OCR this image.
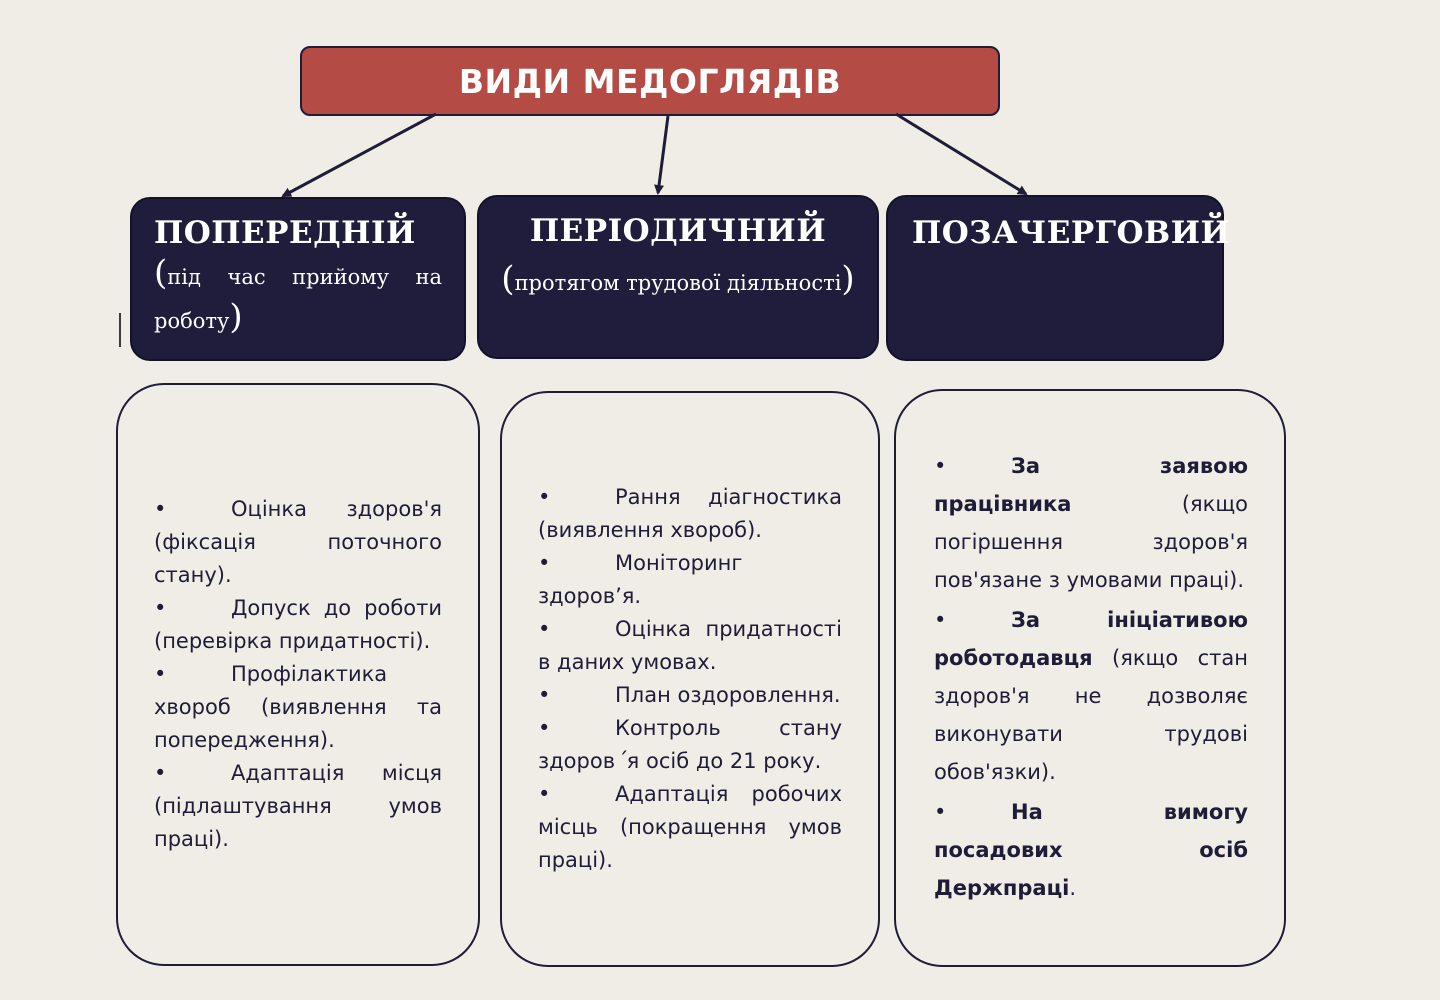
ВИДИ МЕДОГЛЯДІВ
ПОПЕРЕДНІЙ
(під час прийому на роботу)
ПЕРІОДИЧНИЙ
(протягом трудової діяльності)
ПОЗАЧЕРГОВИЙ
•	Оцінка здоров'я (фіксація поточного стану).
•	Допуск до роботи (перевірка придатності).
•	Профілактика хвороб (виявлення та попередження).
•	Адаптація місця (підлаштування умов праці).
•	Рання діагностика (виявлення хвороб).
•	Моніторинг здоров’я.
•	Оцінка придатності в даних умовах.
•	План оздоровлення.
•	Контроль стану здоров ՛я осіб до 21 року.
•	Адаптація робочих місць (покращення умов праці).
•	За заявою працівника (якщо погіршення здоров'я пов'язане з умовами праці).
•	За ініціативою роботодавця (якщо стан здоров'я не дозволяє виконувати трудові обов'язки).
•	На вимогу посадових осіб Держпраці.
